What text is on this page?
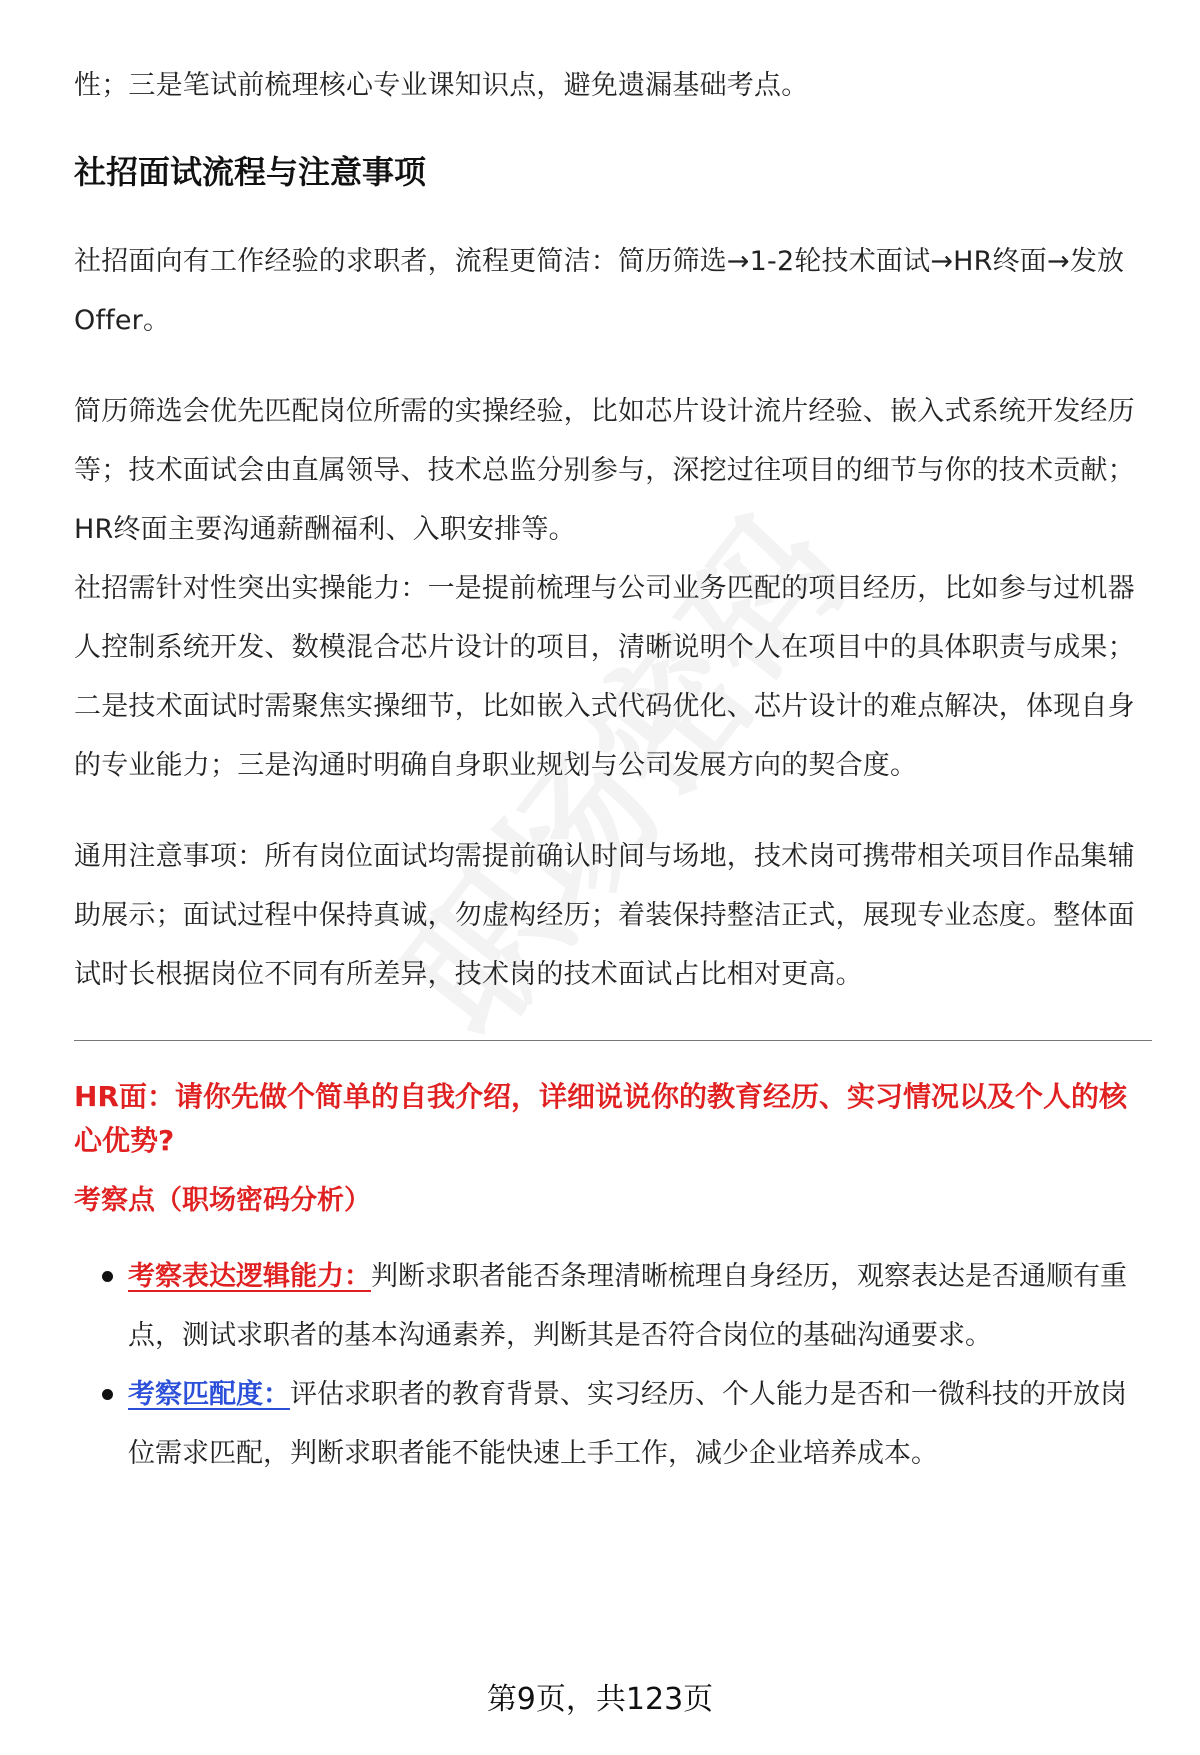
性；三是笔试前梳理核心专业课知识点，避免遗漏基础考点。

社招面试流程与注意事项

社招面向有工作经验的求职者，流程更简洁：简历筛选→1-2轮技术面试→HR终面→发放Offer。

简历筛选会优先匹配岗位所需的实操经验，比如芯片设计流片经验、嵌入式系统开发经历等；技术面试会由直属领导、技术总监分别参与，深挖过往项目的细节与你的技术贡献；HR终面主要沟通薪酬福利、入职安排等。

社招需针对性突出实操能力：一是提前梳理与公司业务匹配的项目经历，比如参与过机器人控制系统开发、数模混合芯片设计的项目，清晰说明个人在项目中的具体职责与成果；二是技术面试时需聚焦实操细节，比如嵌入式代码优化、芯片设计的难点解决，体现自身的专业能力；三是沟通时明确自身职业规划与公司发展方向的契合度。

通用注意事项：所有岗位面试均需提前确认时间与场地，技术岗可携带相关项目作品集辅助展示；面试过程中保持真诚，勿虚构经历；着装保持整洁正式，展现专业态度。整体面试时长根据岗位不同有所差异，技术岗的技术面试占比相对更高。

HR面：请你先做个简单的自我介绍，详细说说你的教育经历、实习情况以及个人的核心优势?

考察点（职场密码分析）

考察表达逻辑能力：判断求职者能否条理清晰梳理自身经历，观察表达是否通顺有重点，测试求职者的基本沟通素养，判断其是否符合岗位的基础沟通要求。
考察匹配度：评估求职者的教育背景、实习经历、个人能力是否和一微科技的开放岗位需求匹配，判断求职者能不能快速上手工作，减少企业培养成本。
第9页，共123页
